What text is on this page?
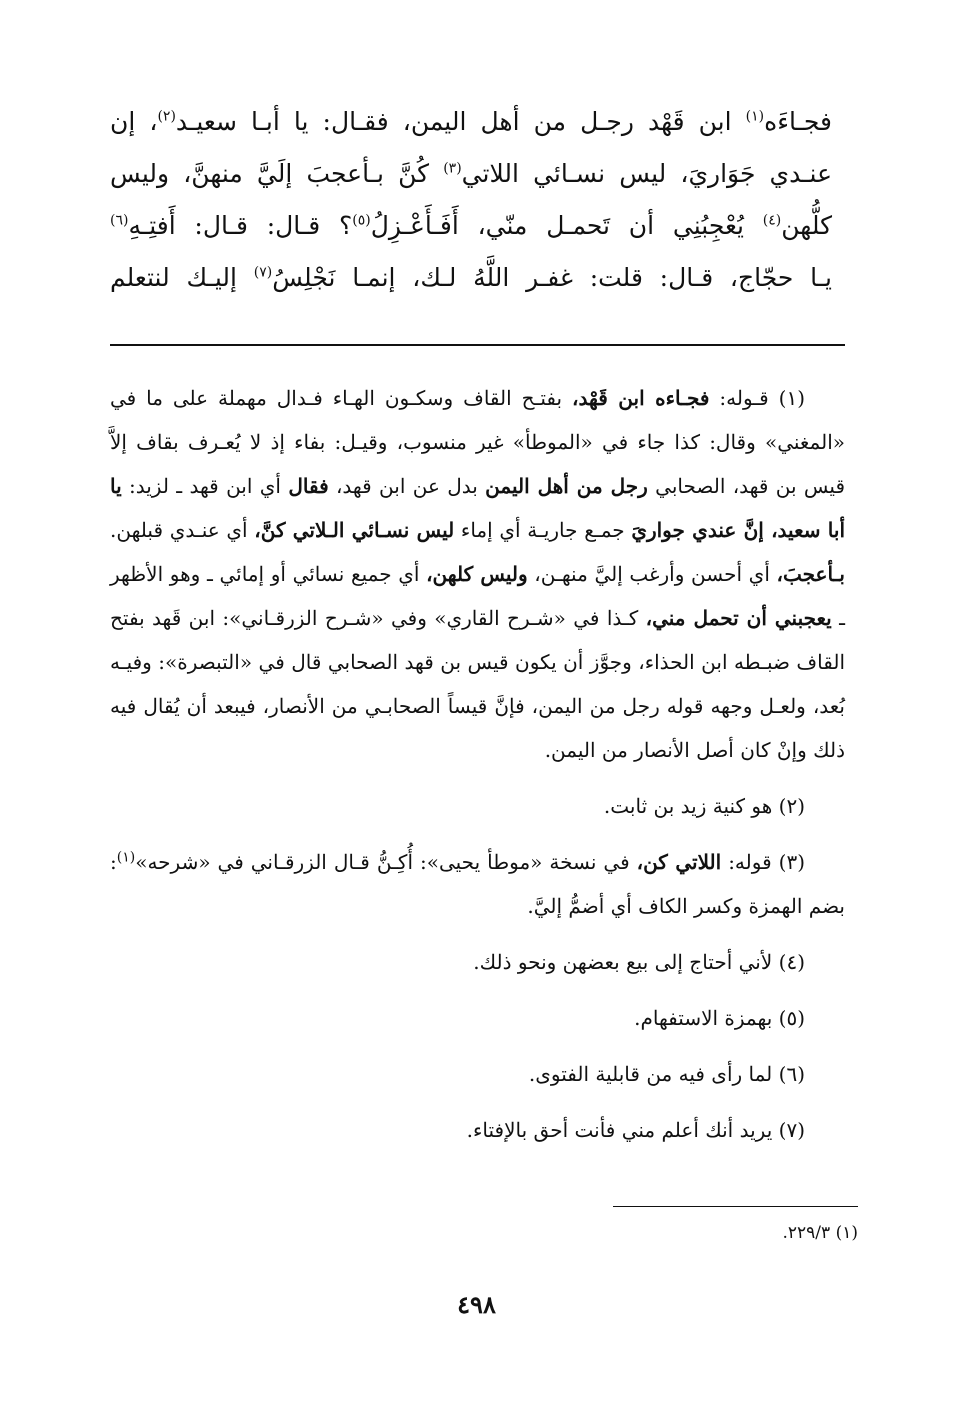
فجـاءَه$^{(١)}$ ابن قَهْد رجـل من أهل اليمن، فقـال: يا أبـا سعيـد$^{(٢)}$، إن
عنـدي جَوَاريَ، ليس نسـائي اللاتي$^{(٣)}$ كُنَّ بـأعجبَ إلَيَّ منهنَّ، وليس
كلُّهن$^{(٤)}$ يُعْجِبُنِي أن تَحمـل منّي، أَفَـأَعْـزِلُ$^{(٥)}$؟ قـال: قـال: أَفتِـهِ$^{(٦)}$
يـا حجّاج، قـال: قلت: غفـر اللَّهُ لـك، إنمـا نَجْلِسُ$^{(٧)}$ إليـك لنتعلم
(١) قـوله: فجـاءه ابن قَهْد، بفتـح القاف وسكـون الهـاء فـدال مهملة على ما في «المغني» وقال: كذا جاء في «الموطأ» غير منسوب، وقيـل: بفاء إذ لا يُعـرف بقاف إلاَّ قيس بن قهد، الصحابي رجل من أهل اليمن بدل عن ابن قهد، فقال أي ابن قهد ـ لزيد: يا أبا سعيد، إنَّ عندي جواريَ جمـع جاريـة أي إماء ليس نسـائي الـلاتي كنَّ، أي عنـدي قبلهن. بـأعجبَ، أي أحسن وأرغب إليَّ منهـن، وليس كلهن، أي جميع نسائي أو إمائي ـ وهو الأظهر ـ يعجبني أن تحمل مني، كـذا في «شـرح القاري» وفي «شـرح الزرقـاني»: ابن قَهد بفتح القاف ضبـطه ابن الحذاء، وجوَّز أن يكون قيس بن قهد الصحابي قال في «التبصرة»: وفيـه بُعد، ولعـل وجهه قوله رجل من اليمن، فإنَّ قيساً الصحابـي من الأنصار، فيبعد أن يُقال فيه ذلك وإنْ كان أصل الأنصار من اليمن.
(٢) هو كنية زيد بن ثابت.
(٣) قوله: اللاتي كن، في نسخة «موطأ يحيى»: أُكِـنُّ قـال الزرقـاني في «شرحه»$^{(١)}$: بضم الهمزة وكسر الكاف أي أضمُّ إليَّ.
(٤) لأني أحتاج إلى بيع بعضهن ونحو ذلك.
(٥) بهمزة الاستفهام.
(٦) لما رأى فيه من قابلية الفتوى.
(٧) يريد أنك أعلم مني فأنت أحق بالإفتاء.
(١) ٢٢٩/٣.
٤٩٨
